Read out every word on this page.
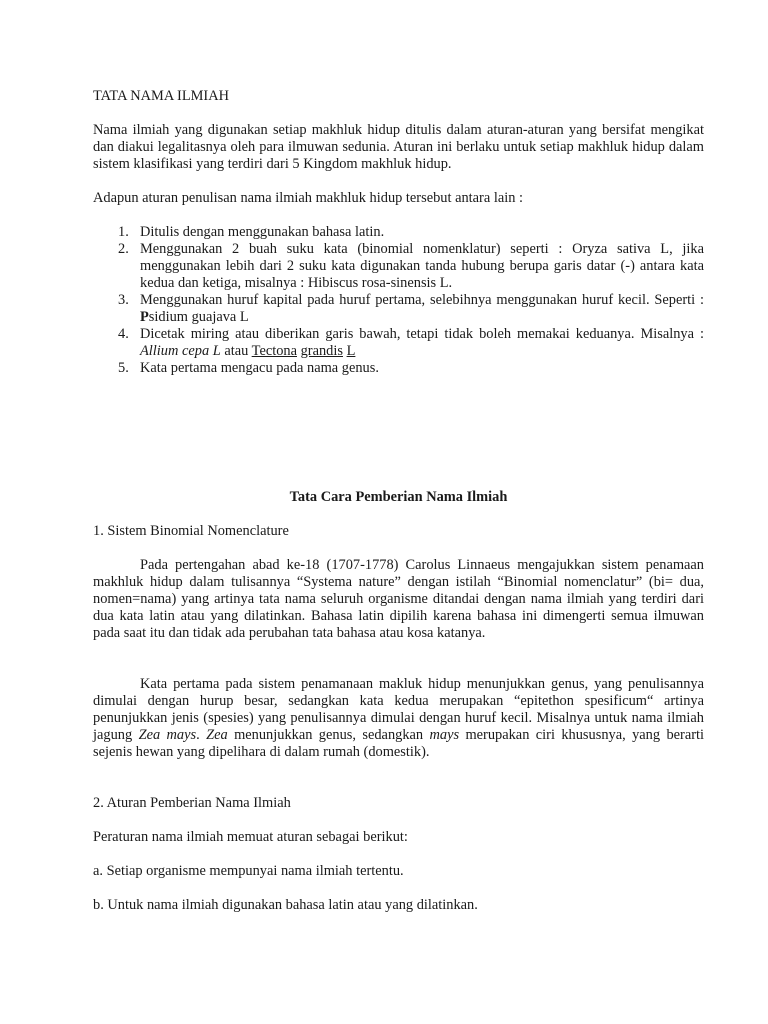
TATA NAMA ILMIAH
Nama ilmiah yang digunakan setiap makhluk hidup ditulis dalam aturan-aturan yang bersifat mengikat dan diakui legalitasnya oleh para ilmuwan sedunia. Aturan ini berlaku untuk setiap makhluk hidup dalam sistem klasifikasi yang terdiri dari 5 Kingdom makhluk hidup.
Adapun aturan penulisan nama ilmiah makhluk hidup tersebut antara lain :
1. Ditulis dengan menggunakan bahasa latin.
2. Menggunakan 2 buah suku kata (binomial nomenklatur) seperti : Oryza sativa L, jika menggunakan lebih dari 2 suku kata digunakan tanda hubung berupa garis datar (-) antara kata kedua dan ketiga, misalnya : Hibiscus rosa-sinensis L.
3. Menggunakan huruf kapital pada huruf pertama, selebihnya menggunakan huruf kecil. Seperti : Psidium guajava L
4. Dicetak miring atau diberikan garis bawah, tetapi tidak boleh memakai keduanya. Misalnya : Allium cepa L atau Tectona grandis L
5. Kata pertama mengacu pada nama genus.
Tata Cara Pemberian Nama Ilmiah
1. Sistem Binomial Nomenclature
Pada pertengahan abad ke-18 (1707-1778) Carolus Linnaeus mengajukkan sistem penamaan makhluk hidup dalam tulisannya “Systema nature” dengan istilah “Binomial nomenclatur” (bi= dua, nomen=nama) yang artinya tata nama seluruh organisme ditandai dengan nama ilmiah yang terdiri dari dua kata latin atau yang dilatinkan. Bahasa latin dipilih karena bahasa ini dimengerti semua ilmuwan pada saat itu dan tidak ada perubahan tata bahasa atau kosa katanya.
Kata pertama pada sistem penamanaan makluk hidup menunjukkan genus, yang penulisannya dimulai dengan hurup besar, sedangkan kata kedua merupakan “epitethon spesificum“ artinya penunjukkan jenis (spesies) yang penulisannya dimulai dengan huruf kecil. Misalnya untuk nama ilmiah jagung Zea mays. Zea menunjukkan genus, sedangkan mays merupakan ciri khususnya, yang berarti sejenis hewan yang dipelihara di dalam rumah (domestik).
2. Aturan Pemberian Nama Ilmiah
Peraturan nama ilmiah memuat aturan sebagai berikut:
a. Setiap organisme mempunyai nama ilmiah tertentu.
b. Untuk nama ilmiah digunakan bahasa latin atau yang dilatinkan.
